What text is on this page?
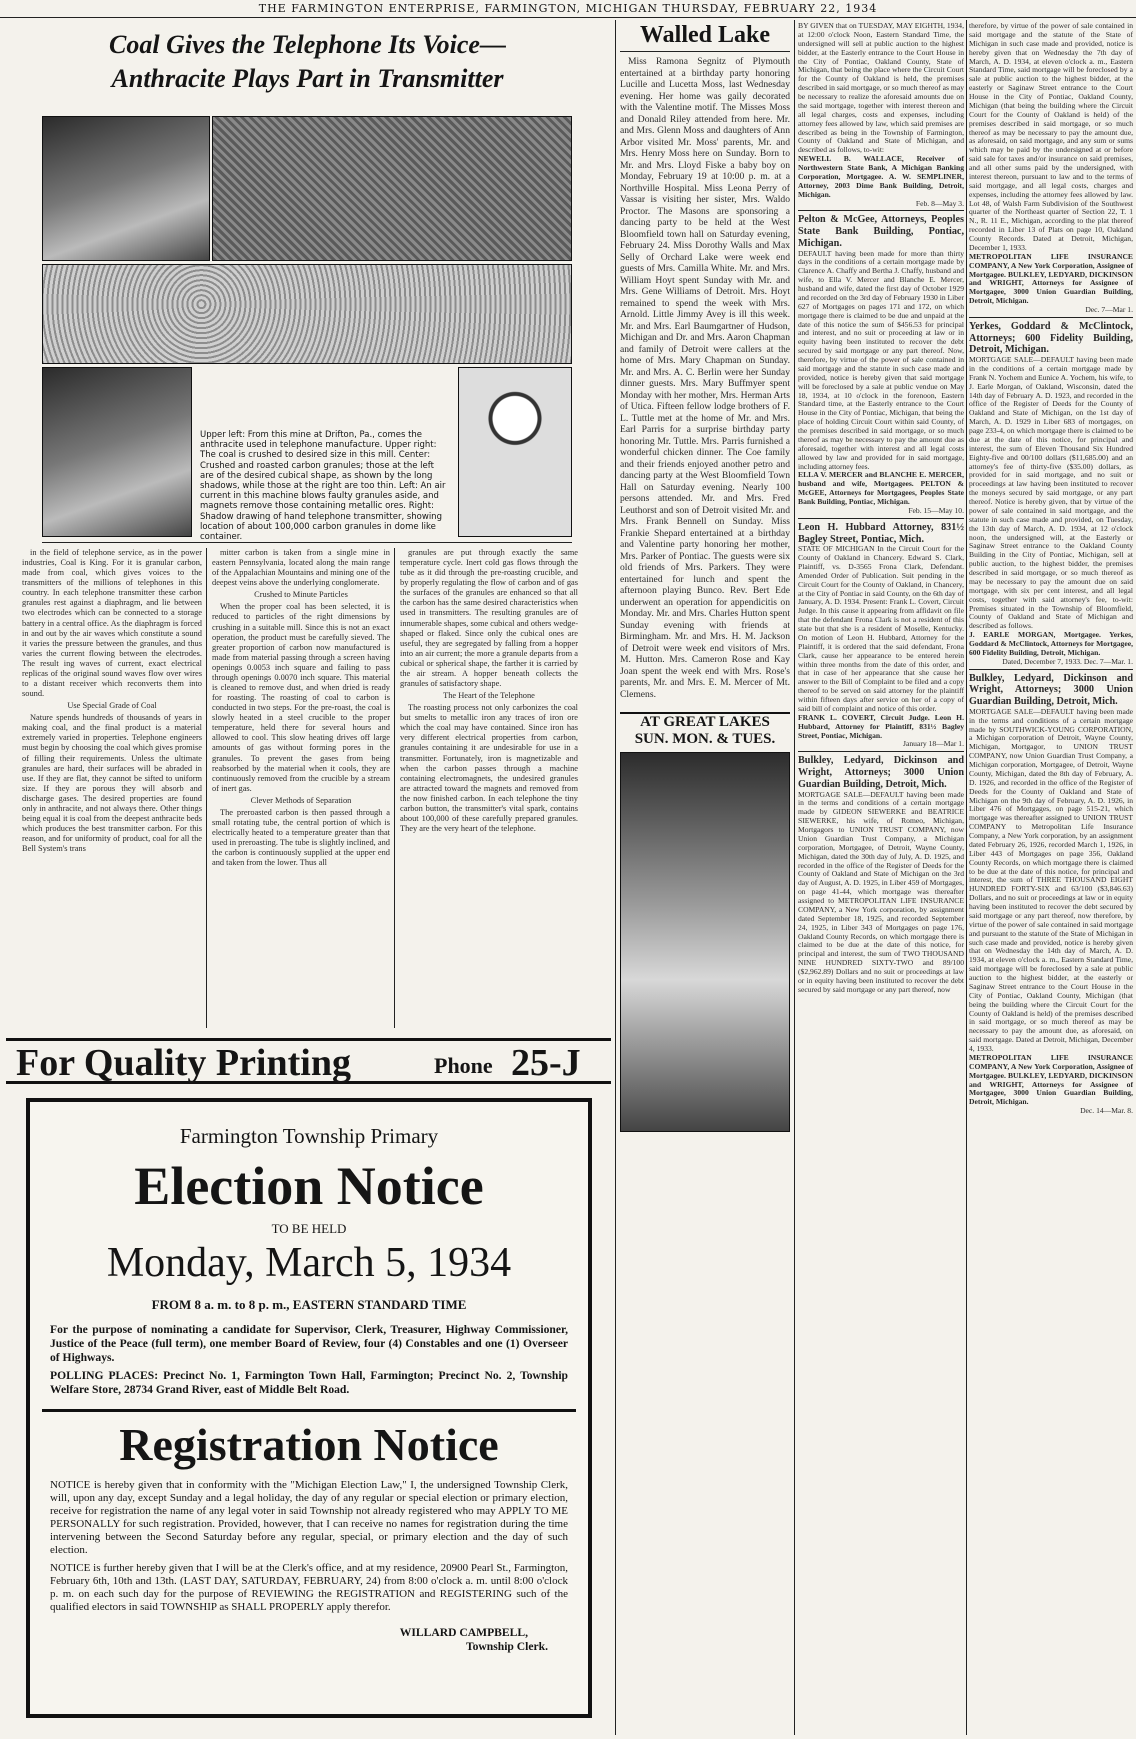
THE FARMINGTON ENTERPRISE, FARMINGTON, MICHIGAN THURSDAY, FEBRUARY 22, 1934
Coal Gives the Telephone Its Voice—
Anthracite Plays Part in Transmitter
Upper left: From this mine at Drifton, Pa., comes the anthracite used in telephone manufacture. Upper right: The coal is crushed to desired size in this mill. Center: Crushed and roasted carbon granules; those at the left are of the desired cubical shape, as shown by the long shadows, while those at the right are too thin. Left: An air current in this machine blows faulty granules aside, and magnets remove those containing metallic ores. Right: Shadow drawing of hand telephone transmitter, showing location of about 100,000 carbon granules in dome like container.

in the field of telephone service, as in the power industries, Coal is King. For it is granular carbon, made from coal, which gives voices to the transmitters of the millions of telephones in this country. In each telephone transmitter these carbon granules rest against a diaphragm, and lie between two electrodes which can be connected to a storage battery in a central office. As the diaphragm is forced in and out by the air waves which constitute a sound it varies the pressure between the granules, and thus varies the current flowing between the electrodes. The result ing waves of current, exact electrical replicas of the original sound waves flow over wires to a distant receiver which reconverts them into sound.

Use Special Grade of Coal

Nature spends hundreds of thousands of years in making coal, and the final product is a material extremely varied in properties. Telephone engineers must begin by choosing the coal which gives promise of filling their requirements. Unless the ultimate granules are hard, their surfaces will be abraded in use. If they are flat, they cannot be sifted to uniform size. If they are porous they will absorb and discharge gases. The desired properties are found only in anthracite, and not always there. Other things being equal it is coal from the deepest anthracite beds which produces the best transmitter carbon. For this reason, and for uniformity of product, coal for all the Bell System's trans

mitter carbon is taken from a single mine in eastern Pennsylvania, located along the main range of the Appalachian Mountains and mining one of the deepest veins above the underlying conglomerate.

Crushed to Minute Particles

When the proper coal has been selected, it is reduced to particles of the right dimensions by crushing in a suitable mill. Since this is not an exact operation, the product must be carefully sieved. The greater proportion of carbon now manufactured is made from material passing through a screen having openings 0.0053 inch square and failing to pass through openings 0.0070 inch square. This material is cleaned to remove dust, and when dried is ready for roasting. The roasting of coal to carbon is conducted in two steps. For the pre-roast, the coal is slowly heated in a steel crucible to the proper temperature, held there for several hours and allowed to cool. This slow heating drives off large amounts of gas without forming pores in the granules. To prevent the gases from being reabsorbed by the material when it cools, they are continuously removed from the crucible by a stream of inert gas.

Clever Methods of Separation

The preroasted carbon is then passed through a small rotating tube, the central portion of which is electrically heated to a temperature greater than that used in preroasting. The tube is slightly inclined, and the carbon is continuously supplied at the upper end and taken from the lower. Thus all

granules are put through exactly the same temperature cycle. Inert cold gas flows through the tube as it did through the pre-roasting crucible, and by properly regulating the flow of carbon and of gas the surfaces of the granules are enhanced so that all the carbon has the same desired characteristics when used in transmitters. The resulting granules are of innumerable shapes, some cubical and others wedge-shaped or flaked. Since only the cubical ones are useful, they are segregated by falling from a hopper into an air current; the more a granule departs from a cubical or spherical shape, the farther it is carried by the air stream. A hopper beneath collects the granules of satisfactory shape.

The Heart of the Telephone

The roasting process not only carbonizes the coal but smelts to metallic iron any traces of iron ore which the coal may have contained. Since iron has very different electrical properties from carbon, granules containing it are undesirable for use in a transmitter. Fortunately, iron is magnetizable and when the carbon passes through a machine containing electromagnets, the undesired granules are attracted toward the magnets and removed from the now finished carbon. In each telephone the tiny carbon button, the transmitter's vital spark, contains about 100,000 of these carefully prepared granules. They are the very heart of the telephone.

For Quality Printing	Phone 25-J
Farmington Township Primary
Election Notice
TO BE HELD
Monday, March 5, 1934
FROM 8 a. m. to 8 p. m., EASTERN STANDARD TIME
For the purpose of nominating a candidate for Supervisor, Clerk, Treasurer, Highway Commissioner, Justice of the Peace (full term), one member Board of Review, four (4) Constables and one (1) Overseer of Highways.
POLLING PLACES: Precinct No. 1, Farmington Town Hall, Farmington; Precinct No. 2, Township Welfare Store, 28734 Grand River, east of Middle Belt Road.
Registration Notice
NOTICE is hereby given that in conformity with the "Michigan Election Law," I, the undersigned Township Clerk, will, upon any day, except Sunday and a legal holiday, the day of any regular or special election or primary election, receive for registration the name of any legal voter in said Township not already registered who may APPLY TO ME PERSONALLY for such registration. Provided, however, that I can receive no names for registration during the time intervening between the Second Saturday before any regular, special, or primary election and the day of such election.
NOTICE is further hereby given that I will be at the Clerk's office, and at my residence, 20900 Pearl St., Farmington, February 6th, 10th and 13th. (LAST DAY, SATURDAY, FEBRUARY, 24) from 8:00 o'clock a. m. until 8:00 o'clock p. m. on each such day for the purpose of REVIEWING the REGISTRATION and REGISTERING such of the qualified electors in said TOWNSHIP as SHALL PROPERLY apply therefor.
WILLARD CAMPBELL,
Township Clerk.
Walled Lake
Miss Ramona Segnitz of Plymouth entertained at a birthday party honoring Lucille and Lucetta Moss, last Wednesday evening. Her home was gaily decorated with the Valentine motif. The Misses Moss and Donald Riley attended from here. Mr. and Mrs. Glenn Moss and daughters of Ann Arbor visited Mr. Moss' parents, Mr. and Mrs. Henry Moss here on Sunday. Born to Mr. and Mrs. Lloyd Fiske a baby boy on Monday, February 19 at 10:00 p. m. at a Northville Hospital. Miss Leona Perry of Vassar is visiting her sister, Mrs. Waldo Proctor. The Masons are sponsoring a dancing party to be held at the West Bloomfield town hall on Saturday evening, February 24. Miss Dorothy Walls and Max Selly of Orchard Lake were week end guests of Mrs. Camilla White. Mr. and Mrs. William Hoyt spent Sunday with Mr. and Mrs. Gene Williams of Detroit. Mrs. Hoyt remained to spend the week with Mrs. Arnold. Little Jimmy Avey is ill this week. Mr. and Mrs. Earl Baumgartner of Hudson, Michigan and Dr. and Mrs. Aaron Chapman and family of Detroit were callers at the home of Mrs. Mary Chapman on Sunday. Mr. and Mrs. A. C. Berlin were her Sunday dinner guests. Mrs. Mary Buffmyer spent Monday with her mother, Mrs. Herman Arts of Utica. Fifteen fellow lodge brothers of F. L. Tuttle met at the home of Mr. and Mrs. Earl Parris for a surprise birthday party honoring Mr. Tuttle. Mrs. Parris furnished a wonderful chicken dinner. The Coe family and their friends enjoyed another petro and dancing party at the West Bloomfield Town Hall on Saturday evening. Nearly 100 persons attended. Mr. and Mrs. Fred Leuthorst and son of Detroit visited Mr. and Mrs. Frank Bennell on Sunday. Miss Frankie Shepard entertained at a birthday and Valentine party honoring her mother, Mrs. Parker of Pontiac. The guests were six old friends of Mrs. Parkers. They were entertained for lunch and spent the afternoon playing Bunco. Rev. Bert Ede underwent an operation for appendicitis on Monday. Mr. and Mrs. Charles Hutton spent Sunday evening with friends at Birmingham. Mr. and Mrs. H. M. Jackson of Detroit were week end visitors of Mrs. M. Hutton. Mrs. Cameron Rose and Kay Joan spent the week end with Mrs. Rose's parents, Mr. and Mrs. E. M. Mercer of Mt. Clemens.
AT GREAT LAKES
SUN. MON. & TUES.

BY GIVEN that on TUESDAY, MAY EIGHTH, 1934, at 12:00 o'clock Noon, Eastern Standard Time, the undersigned will sell at public auction to the highest bidder, at the Easterly entrance to the Court House in the City of Pontiac, Oakland County, State of Michigan, that being the place where the Circuit Court for the County of Oakland is held, the premises described in said mortgage, or so much thereof as may be necessary to realize the aforesaid amounts due on the said mortgage, together with interest thereon and all legal charges, costs and expenses, including attorney fees allowed by law, which said premises are described as being in the Township of Farmington, County of Oakland and State of Michigan, and described as follows, to-wit:

NEWELL B. WALLACE, Receiver of Northwestern State Bank, A Michigan Banking Corporation, Mortgagee. A. W. SEMPLINER, Attorney, 2003 Dime Bank Building, Detroit, Michigan.

Feb. 8—May 3.

Pelton & McGee, Attorneys, Peoples State Bank Building, Pontiac, Michigan.

DEFAULT having been made for more than thirty days in the conditions of a certain mortgage made by Clarence A. Chaffy and Bertha J. Chaffy, husband and wife, to Ella V. Mercer and Blanche E. Mercer, husband and wife, dated the first day of October 1929 and recorded on the 3rd day of February 1930 in Liber 627 of Mortgages on pages 171 and 172, on which mortgage there is claimed to be due and unpaid at the date of this notice the sum of $456.53 for principal and interest, and no suit or proceeding at law or in equity having been instituted to recover the debt secured by said mortgage or any part thereof. Now, therefore, by virtue of the power of sale contained in said mortgage and the statute in such case made and provided, notice is hereby given that said mortgage will be foreclosed by a sale at public vendue on May 18, 1934, at 10 o'clock in the forenoon, Eastern Standard time, at the Easterly entrance to the Court House in the City of Pontiac, Michigan, that being the place of holding Circuit Court within said County, of the premises described in said mortgage, or so much thereof as may be necessary to pay the amount due as aforesaid, together with interest and all legal costs allowed by law and provided for in said mortgage, including attorney fees.

ELLA V. MERCER and BLANCHE E. MERCER, husband and wife, Mortgagees. PELTON & McGEE, Attorneys for Mortgagees, Peoples State Bank Building, Pontiac, Michigan.

Feb. 15—May 10.

Leon H. Hubbard Attorney, 831½ Bagley Street, Pontiac, Mich.

STATE OF MICHIGAN In the Circuit Court for the County of Oakland in Chancery. Edward S. Clark, Plaintiff, vs. D-3565 Frona Clark, Defendant. Amended Order of Publication. Suit pending in the Circuit Court for the County of Oakland, in Chancery, at the City of Pontiac in said County, on the 6th day of January, A. D. 1934. Present: Frank L. Covert, Circuit Judge. In this cause it appearing from affidavit on file that the defendant Frona Clark is not a resident of this state but that she is a resident of Moselle, Kentucky. On motion of Leon H. Hubbard, Attorney for the Plaintiff, it is ordered that the said defendant, Frona Clark, cause her appearance to be entered herein within three months from the date of this order, and that in case of her appearance that she cause her answer to the Bill of Complaint to be filed and a copy thereof to be served on said attorney for the plaintiff within fifteen days after service on her of a copy of said bill of complaint and notice of this order.

FRANK L. COVERT, Circuit Judge. Leon H. Hubbard, Attorney for Plaintiff, 831½ Bagley Street, Pontiac, Michigan.

January 18—Mar 1.

Bulkley, Ledyard, Dickinson and Wright, Attorneys; 3000 Union Guardian Building, Detroit, Mich.

MORTGAGE SALE—DEFAULT having been made in the terms and conditions of a certain mortgage made by GIDEON SIEWERKE and BEATRICE SIEWERKE, his wife, of Romeo, Michigan, Mortgagors to UNION TRUST COMPANY, now Union Guardian Trust Company, a Michigan corporation, Mortgagee, of Detroit, Wayne County, Michigan, dated the 30th day of July, A. D. 1925, and recorded in the office of the Register of Deeds for the County of Oakland and State of Michigan on the 3rd day of August, A. D. 1925, in Liber 459 of Mortgages, on page 41-44, which mortgage was thereafter assigned to METROPOLITAN LIFE INSURANCE COMPANY, a New York corporation, by assignment dated September 18, 1925, and recorded September 24, 1925, in Liber 343 of Mortgages on page 176, Oakland County Records, on which mortgage there is claimed to be due at the date of this notice, for principal and interest, the sum of TWO THOUSAND NINE HUNDRED SIXTY-TWO and 89/100 ($2,962.89) Dollars and no suit or proceedings at law or in equity having been instituted to recover the debt secured by said mortgage or any part thereof, now

therefore, by virtue of the power of sale contained in said mortgage and the statute of the State of Michigan in such case made and provided, notice is hereby given that on Wednesday the 7th day of March, A. D. 1934, at eleven o'clock a. m., Eastern Standard Time, said mortgage will be foreclosed by a sale at public auction to the highest bidder, at the easterly or Saginaw Street entrance to the Court House in the City of Pontiac, Oakland County, Michigan (that being the building where the Circuit Court for the County of Oakland is held) of the premises described in said mortgage, or so much thereof as may be necessary to pay the amount due, as aforesaid, on said mortgage, and any sum or sums which may be paid by the undersigned at or before said sale for taxes and/or insurance on said premises, and all other sums paid by the undersigned, with interest thereon, pursuant to law and to the terms of said mortgage, and all legal costs, charges and expenses, including the attorney fees allowed by law. Lot 48, of Walsh Farm Subdivision of the Southwest quarter of the Northeast quarter of Section 22, T. 1 N., R. 11 E., Michigan, according to the plat thereof recorded in Liber 13 of Plats on page 10, Oakland County Records. Dated at Detroit, Michigan, December 1, 1933.

METROPOLITAN LIFE INSURANCE COMPANY, A New York Corporation, Assignee of Mortgagee. BULKLEY, LEDYARD, DICKINSON and WRIGHT, Attorneys for Assignee of Mortgagee, 3000 Union Guardian Building, Detroit, Michigan.

Dec. 7—Mar 1.

Yerkes, Goddard & McClintock, Attorneys; 600 Fidelity Building, Detroit, Michigan.

MORTGAGE SALE—DEFAULT having been made in the conditions of a certain mortgage made by Frank N. Yochem and Eunice A. Yochem, his wife, to J. Earle Morgan, of Oakland, Wisconsin, dated the 14th day of February A. D. 1923, and recorded in the office of the Register of Deeds for the County of Oakland and State of Michigan, on the 1st day of March, A. D. 1929 in Liber 683 of mortgages, on page 233-4, on which mortgage there is claimed to be due at the date of this notice, for principal and interest, the sum of Eleven Thousand Six Hundred Eighty-five and 00/100 dollars ($11,685.00) and an attorney's fee of thirty-five ($35.00) dollars, as provided for in said mortgage, and no suit or proceedings at law having been instituted to recover the moneys secured by said mortgage, or any part thereof. Notice is hereby given, that by virtue of the power of sale contained in said mortgage, and the statute in such case made and provided, on Tuesday, the 13th day of March, A. D. 1934, at 12 o'clock noon, the undersigned will, at the Easterly or Saginaw Street entrance to the Oakland County Building in the City of Pontiac, Michigan, sell at public auction, to the highest bidder, the premises described in said mortgage, or so much thereof as may be necessary to pay the amount due on said mortgage, with six per cent interest, and all legal costs, together with said attorney's fee, to-wit: Premises situated in the Township of Bloomfield, County of Oakland and State of Michigan and described as follows.

J. EARLE MORGAN, Mortgagee. Yerkes, Goddard & McClintock, Attorneys for Mortgagee, 600 Fidelity Building, Detroit, Michigan.

Dated, December 7, 1933. Dec. 7—Mar. 1.

Bulkley, Ledyard, Dickinson and Wright, Attorneys; 3000 Union Guardian Building, Detroit, Mich.

MORTGAGE SALE—DEFAULT having been made in the terms and conditions of a certain mortgage made by SOUTHWICK-YOUNG CORPORATION, a Michigan corporation of Detroit, Wayne County, Michigan, Mortgagor, to UNION TRUST COMPANY, now Union Guardian Trust Company, a Michigan corporation, Mortgagee, of Detroit, Wayne County, Michigan, dated the 8th day of February, A. D. 1926, and recorded in the office of the Register of Deeds for the County of Oakland and State of Michigan on the 9th day of February, A. D. 1926, in Liber 476 of Mortgages, on page 515-21, which mortgage was thereafter assigned to UNION TRUST COMPANY to Metropolitan Life Insurance Company, a New York corporation, by an assignment dated February 26, 1926, recorded March 1, 1926, in Liber 443 of Mortgages on page 356, Oakland County Records, on which mortgage there is claimed to be due at the date of this notice, for principal and interest, the sum of THREE THOUSAND EIGHT HUNDRED FORTY-SIX and 63/100 ($3,846.63) Dollars, and no suit or proceedings at law or in equity having been instituted to recover the debt secured by said mortgage or any part thereof, now therefore, by virtue of the power of sale contained in said mortgage and pursuant to the statute of the State of Michigan in such case made and provided, notice is hereby given that on Wednesday the 14th day of March, A. D. 1934, at eleven o'clock a. m., Eastern Standard Time, said mortgage will be foreclosed by a sale at public auction to the highest bidder, at the easterly or Saginaw Street entrance to the Court House in the City of Pontiac, Oakland County, Michigan (that being the building where the Circuit Court for the County of Oakland is held) of the premises described in said mortgage, or so much thereof as may be necessary to pay the amount due, as aforesaid, on said mortgage. Dated at Detroit, Michigan, December 4, 1933.

METROPOLITAN LIFE INSURANCE COMPANY, A New York Corporation, Assignee of Mortgagee. BULKLEY, LEDYARD, DICKINSON and WRIGHT, Attorneys for Assignee of Mortgagee, 3000 Union Guardian Building, Detroit, Michigan.

Dec. 14—Mar. 8.
